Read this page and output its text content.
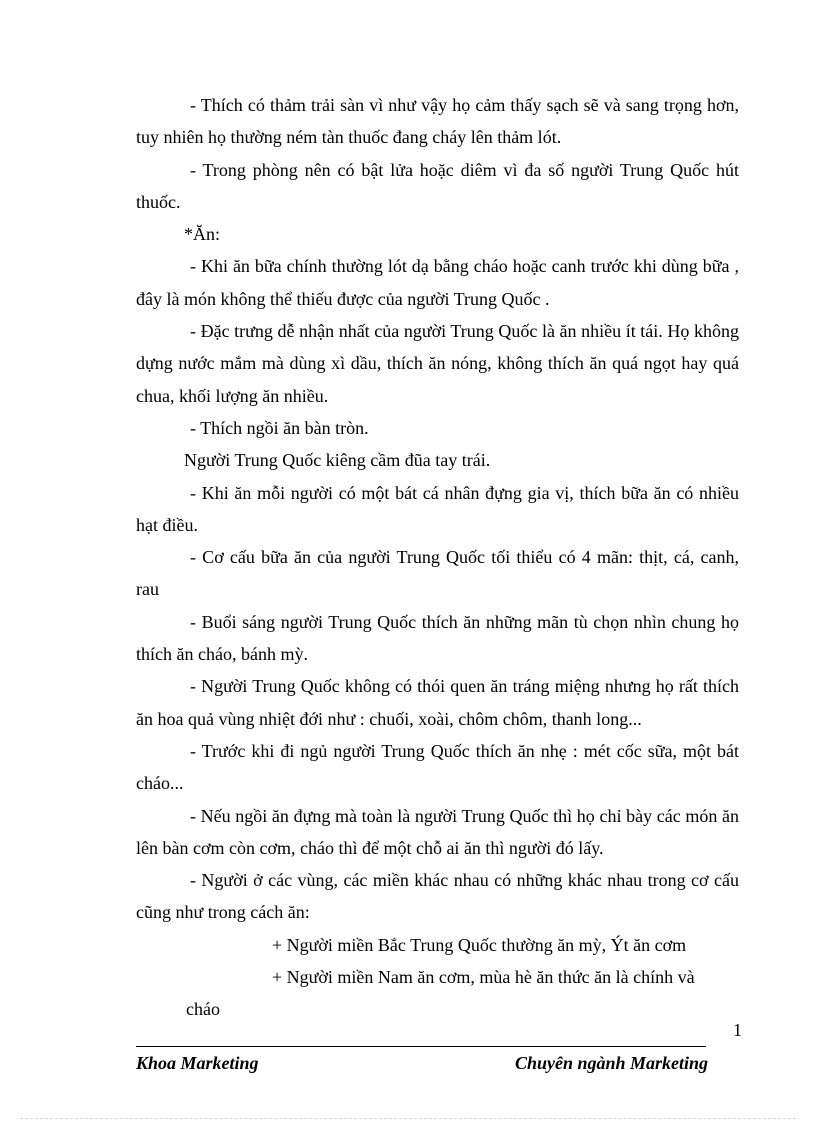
- Thích có thảm trải sàn vì như vậy họ cảm thấy sạch sẽ và sang trọng hơn, tuy nhiên họ thường ném tàn thuốc đang cháy lên thảm lót.

- Trong phòng nên có bật lửa hoặc diêm vì đa số người Trung Quốc hút thuốc.

*Ăn:

- Khi ăn bữa chính thường lót dạ bằng cháo hoặc canh trước khi dùng bữa , đây là món không thể thiếu được của người Trung Quốc .

- Đặc trưng dễ nhận nhất của người Trung Quốc là ăn nhiều ít tái. Họ không dựng nước mắm mà dùng xì dầu, thích ăn nóng, không thích ăn quá ngọt hay quá chua, khối lượng ăn nhiều.

- Thích ngồi ăn bàn tròn.

Người Trung Quốc kiêng cầm đũa tay trái.

- Khi ăn mỗi người có một bát cá nhân đựng gia vị, thích bữa ăn có nhiều hạt điều.

- Cơ cấu bữa ăn của người Trung Quốc tối thiểu có 4 mãn: thịt, cá, canh, rau

- Buổi sáng người Trung Quốc thích ăn những mãn tù chọn nhìn chung họ thích ăn cháo, bánh mỳ.

- Người Trung Quốc không có thói quen ăn tráng miệng nhưng họ rất thích ăn hoa quả vùng nhiệt đới như : chuối, xoài, chôm chôm, thanh long...

- Trước khi đi ngủ người Trung Quốc thích ăn nhẹ : mét cốc sữa, một bát cháo...

- Nếu ngồi ăn đựng mà toàn là người Trung Quốc thì họ chỉ bày các món ăn lên bàn cơm còn cơm, cháo thì để một chỗ ai ăn thì người đó lấy.

- Người ở các vùng, các miền khác nhau có những khác nhau trong cơ cấu cũng như trong cách ăn:

+ Người miền Bắc Trung Quốc thường ăn mỳ, Ýt ăn cơm

+ Người miền Nam ăn cơm, mùa hè ăn thức ăn là chính và

cháo

1
Khoa Marketing	Chuyên ngành Marketing
